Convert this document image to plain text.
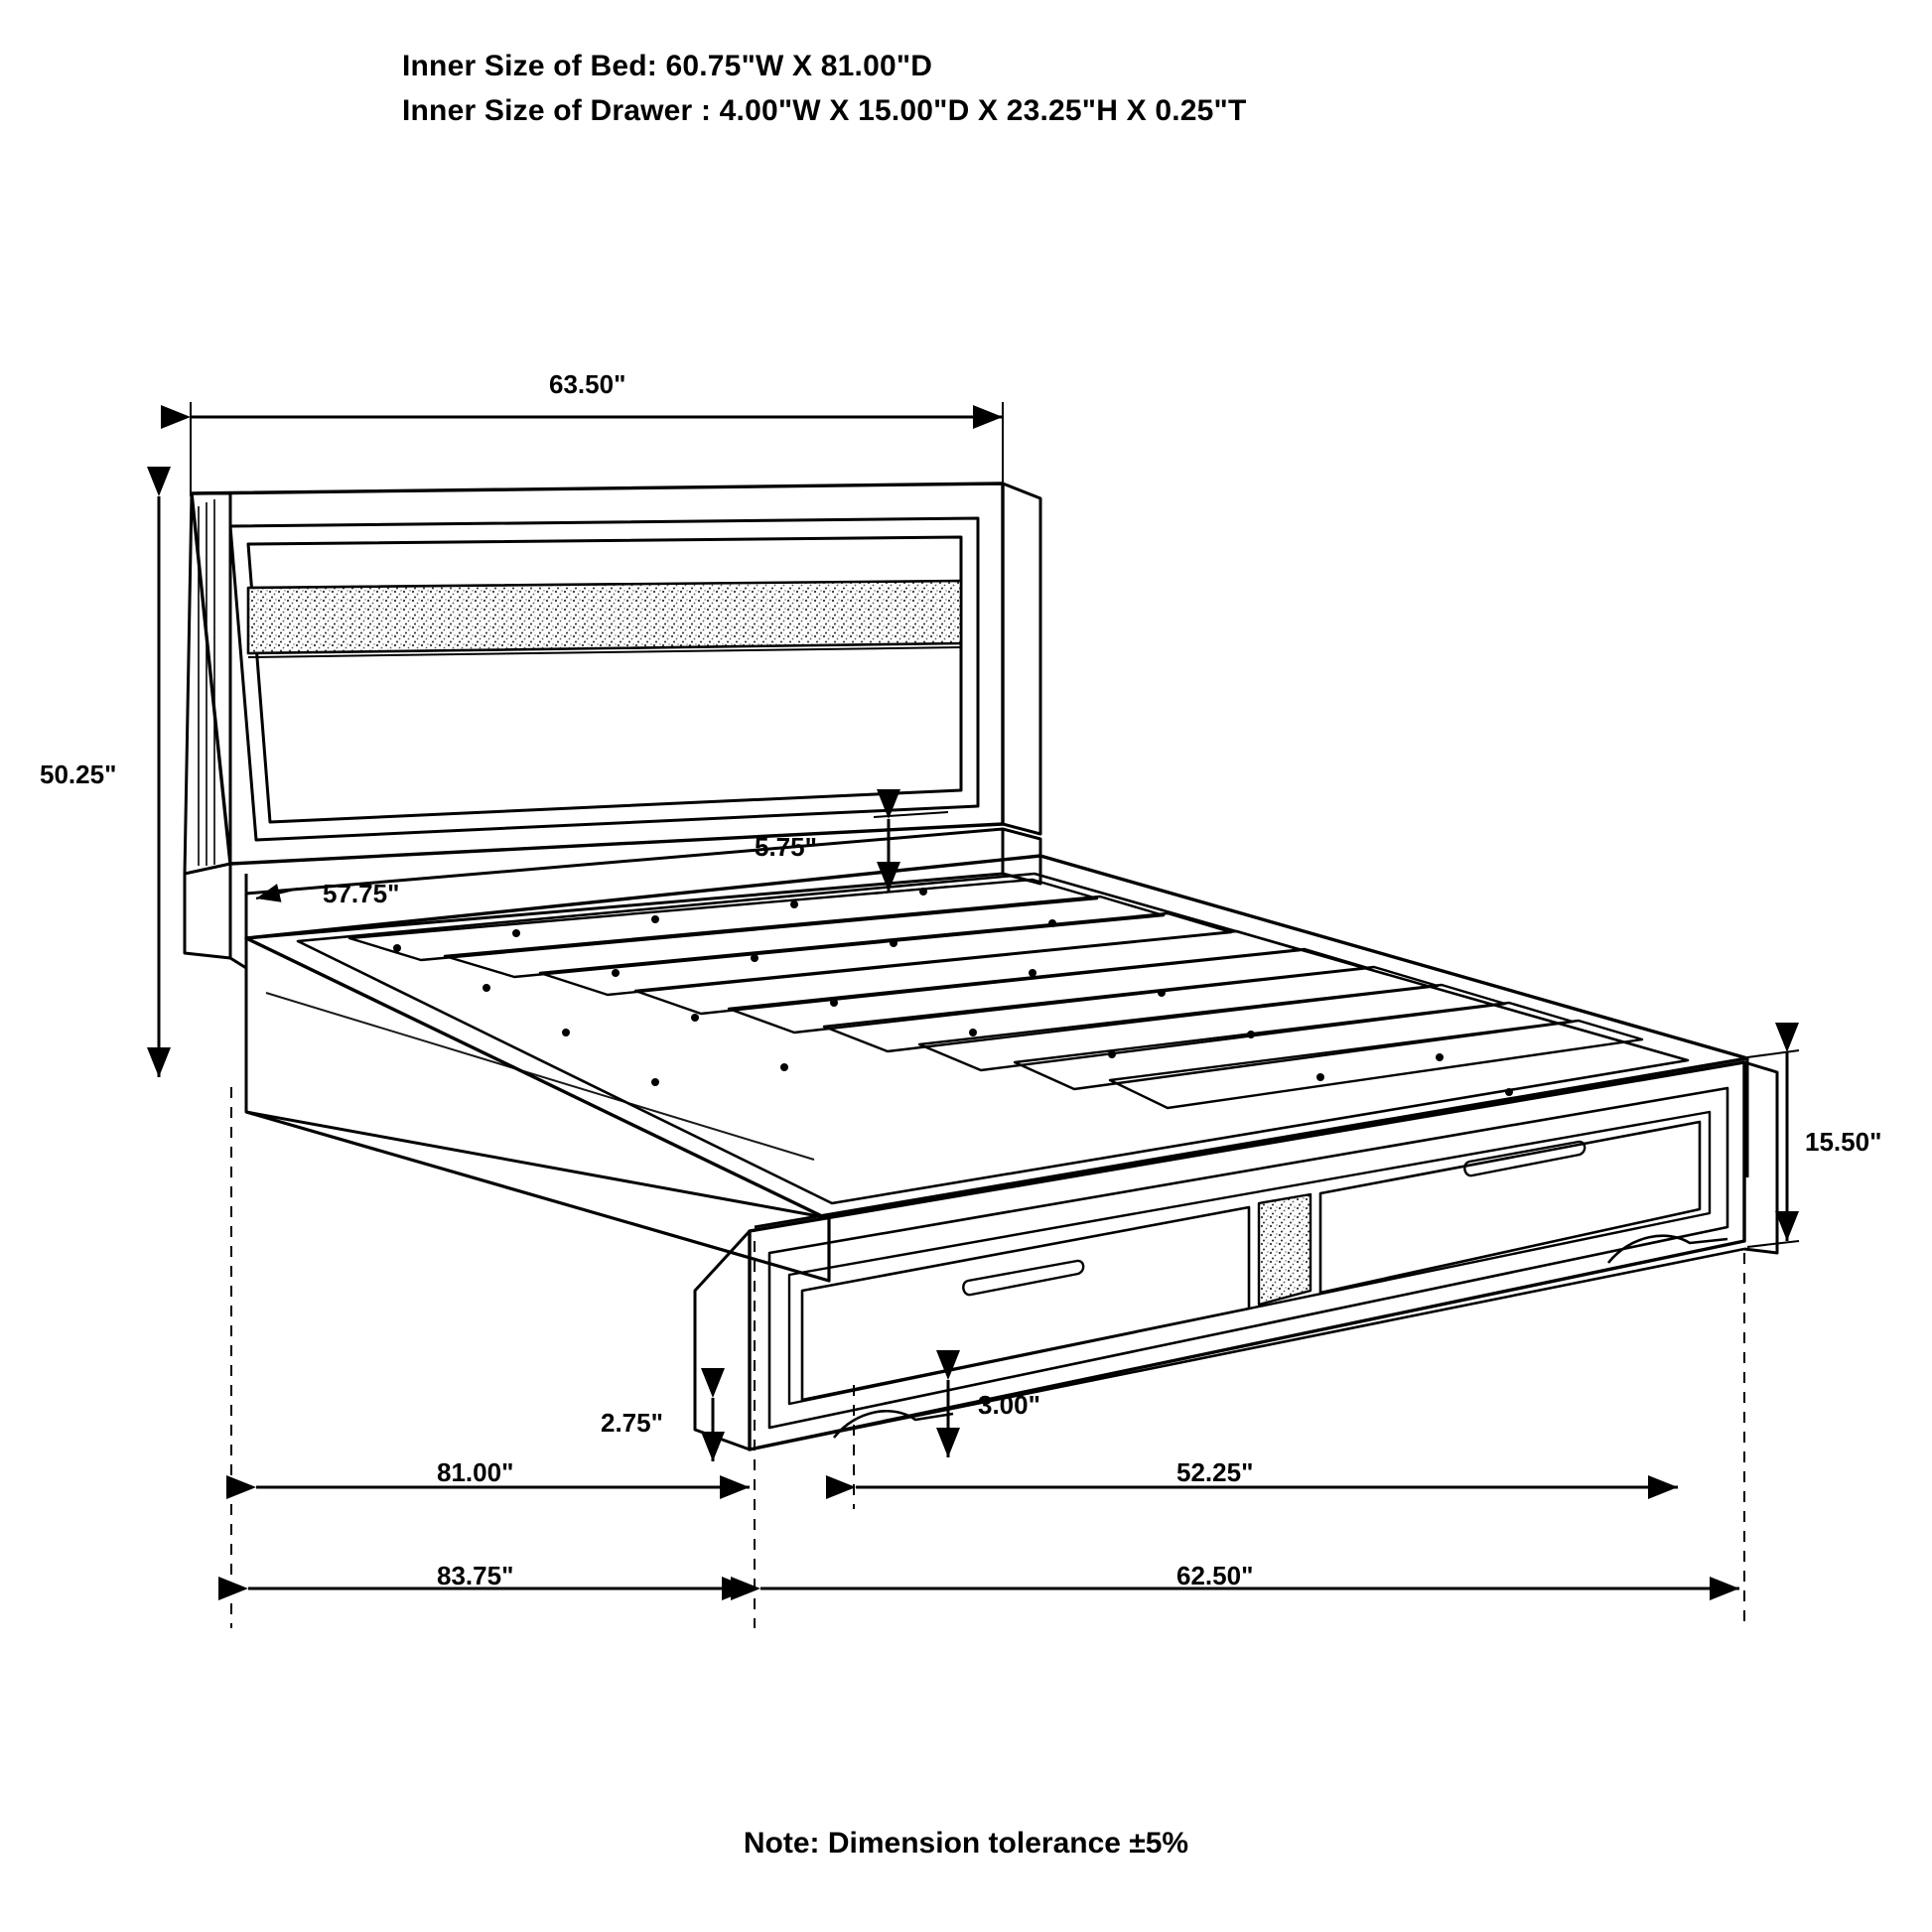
Inner Size of Bed: 60.75"W X 81.00"D
Inner Size of Drawer : 4.00"W X 15.00"D X 23.25"H X 0.25"T
63.50"
50.25"
57.75"
5.75"
15.50"
2.75"
3.00"
81.00"	52.25"
83.75"	62.50"
Note: Dimension tolerance ±5%
